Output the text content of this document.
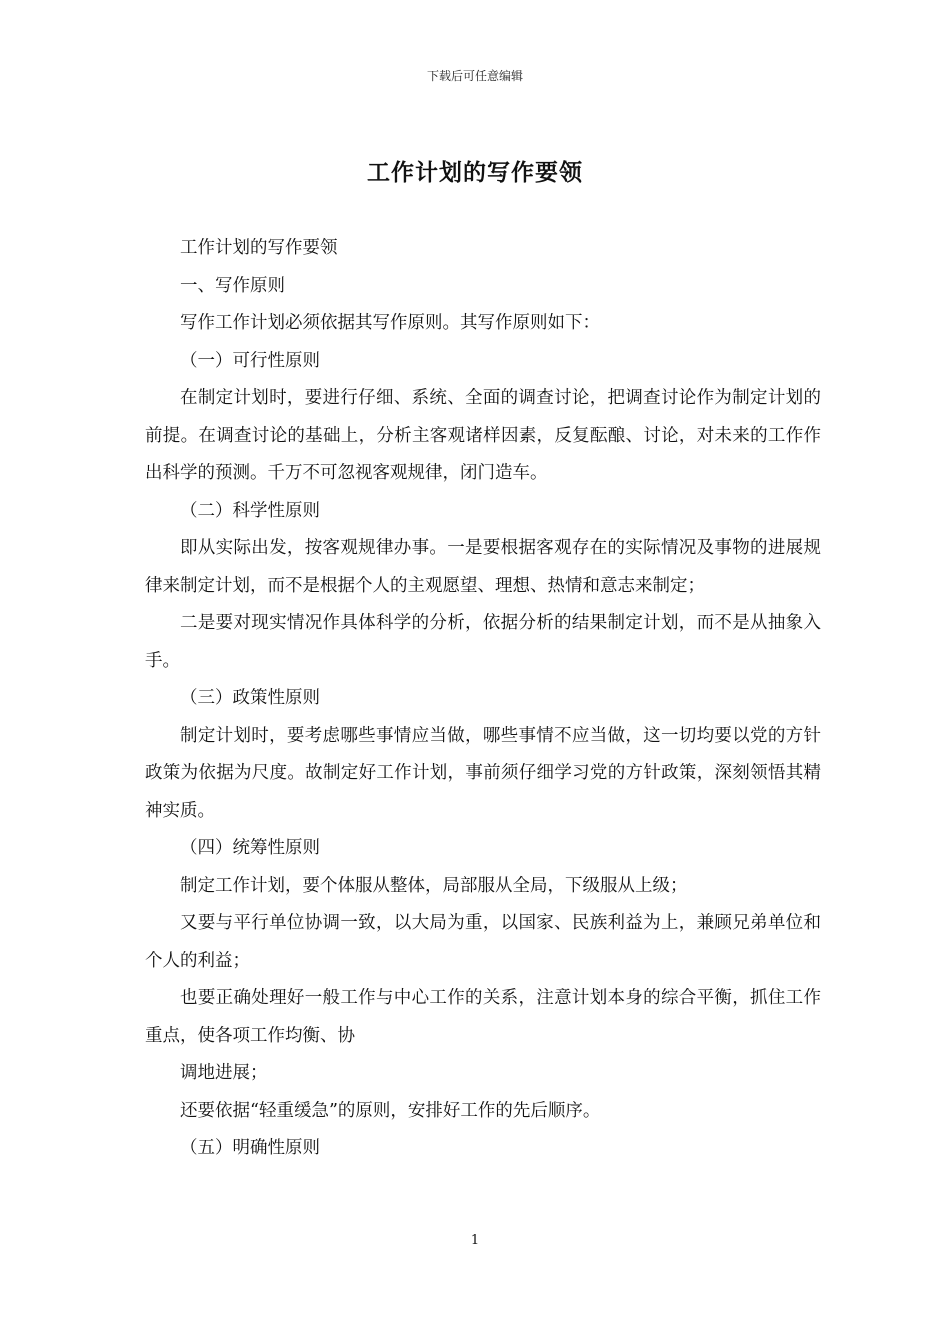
下载后可任意编辑
工作计划的写作要领

工作计划的写作要领

一、写作原则

写作工作计划必须依据其写作原则。其写作原则如下：

（一）可行性原则

在制定计划时，要进行仔细、系统、全面的调查讨论，把调查讨论作为制定计划的前提。在调查讨论的基础上，分析主客观诸样因素，反复酝酿、讨论，对未来的工作作出科学的预测。千万不可忽视客观规律，闭门造车。

（二）科学性原则

即从实际出发，按客观规律办事。一是要根据客观存在的实际情况及事物的进展规律来制定计划，而不是根据个人的主观愿望、理想、热情和意志来制定；

二是要对现实情况作具体科学的分析，依据分析的结果制定计划，而不是从抽象入手。

（三）政策性原则

制定计划时，要考虑哪些事情应当做，哪些事情不应当做，这一切均要以党的方针政策为依据为尺度。故制定好工作计划，事前须仔细学习党的方针政策，深刻领悟其精神实质。

（四）统筹性原则

制定工作计划，要个体服从整体，局部服从全局，下级服从上级；

又要与平行单位协调一致，以大局为重，以国家、民族利益为上，兼顾兄弟单位和个人的利益；

也要正确处理好一般工作与中心工作的关系，注意计划本身的综合平衡，抓住工作重点，使各项工作均衡、协

调地进展；

还要依据“轻重缓急”的原则，安排好工作的先后顺序。

（五）明确性原则

1
